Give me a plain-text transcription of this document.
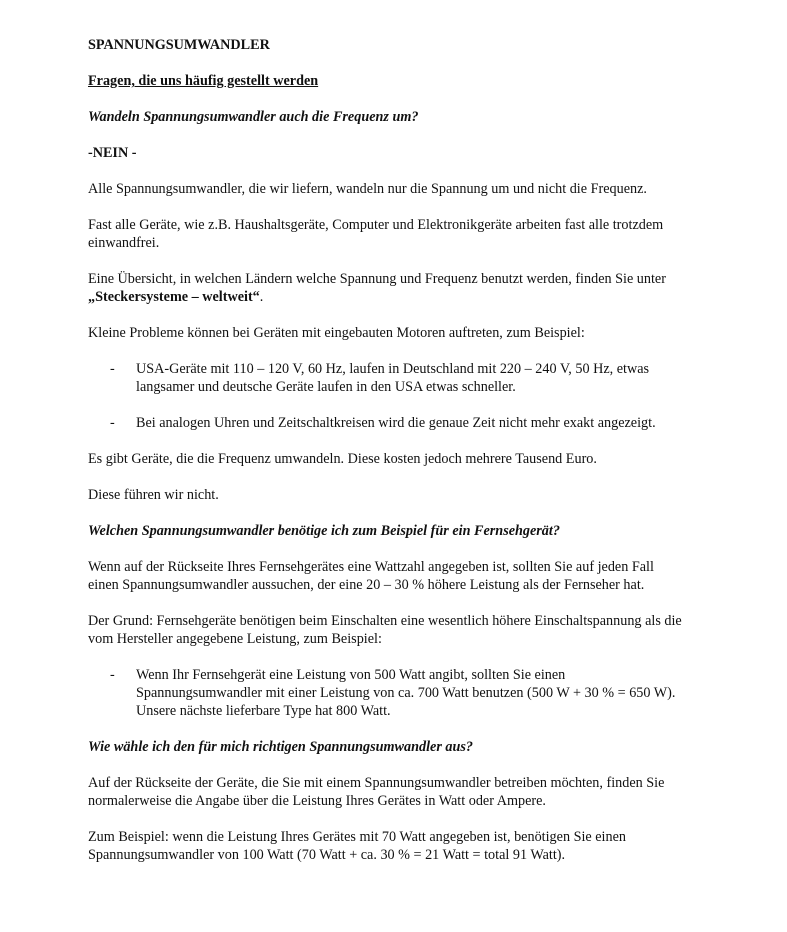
SPANNUNGSUMWANDLER

Fragen, die uns häufig gestellt werden

Wandeln Spannungsumwandler auch die Frequenz um?

-NEIN -

Alle Spannungsumwandler, die wir liefern, wandeln nur die Spannung um und nicht die Frequenz.

Fast alle Geräte, wie z.B. Haushaltsgeräte, Computer und Elektronikgeräte arbeiten fast alle trotzdem einwandfrei.

Eine Übersicht, in welchen Ländern welche Spannung und Frequenz benutzt werden, finden Sie unter „Steckersysteme – weltweit“.

Kleine Probleme können bei Geräten mit eingebauten Motoren auftreten, zum Beispiel:

- USA-Geräte mit 110 – 120 V, 60 Hz, laufen in Deutschland mit 220 – 240 V, 50 Hz, etwas langsamer und deutsche Geräte laufen in den USA etwas schneller.
- Bei analogen Uhren und Zeitschaltkreisen wird die genaue Zeit nicht mehr exakt angezeigt.

Es gibt Geräte, die die Frequenz umwandeln. Diese kosten jedoch mehrere Tausend Euro.

Diese führen wir nicht.

Welchen Spannungsumwandler benötige ich zum Beispiel für ein Fernsehgerät?

Wenn auf der Rückseite Ihres Fernsehgerätes eine Wattzahl angegeben ist, sollten Sie auf jeden Fall einen Spannungsumwandler aussuchen, der eine 20 – 30 % höhere Leistung als der Fernseher hat.

Der Grund: Fernsehgeräte benötigen beim Einschalten eine wesentlich höhere Einschaltspannung als die vom Hersteller angegebene Leistung, zum Beispiel:

- Wenn Ihr Fernsehgerät eine Leistung von 500 Watt angibt, sollten Sie einen Spannungsumwandler mit einer Leistung von ca. 700 Watt benutzen (500 W + 30 % = 650 W). Unsere nächste lieferbare Type hat 800 Watt.

Wie wähle ich den für mich richtigen Spannungsumwandler aus?

Auf der Rückseite der Geräte, die Sie mit einem Spannungsumwandler betreiben möchten, finden Sie normalerweise die Angabe über die Leistung Ihres Gerätes in Watt oder Ampere.

Zum Beispiel: wenn die Leistung Ihres Gerätes mit 70 Watt angegeben ist, benötigen Sie einen Spannungsumwandler von 100 Watt (70 Watt + ca. 30 % = 21 Watt = total 91 Watt).
